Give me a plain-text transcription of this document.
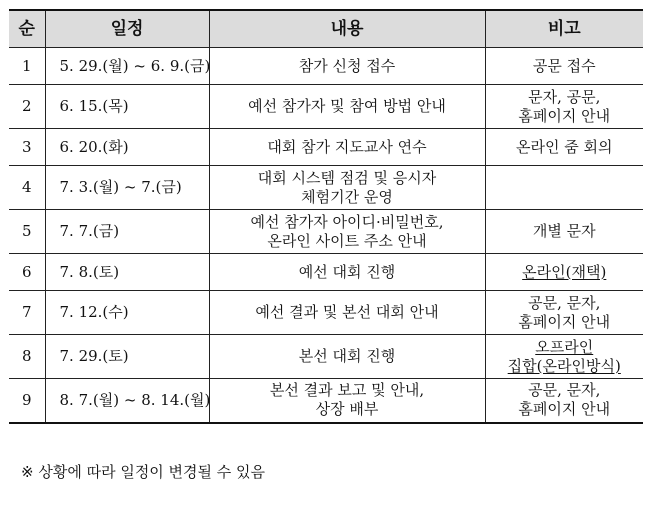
순	일정	내용	비고
1	5. 29.(월) ~ 6. 9.(금)	참가 신청 접수	공문 접수

2	6. 15.(목)	예선 참가자 및 참여 방법 안내	문자, 공문,
홈페이지 안내

3	6. 20.(화)	대회 참가 지도교사 연수	온라인 줌 회의

4	7. 3.(월) ~ 7.(금)	대회 시스템 점검 및 응시자
체험기간 운영	

5	7. 7.(금)	예선 참가자 아이디·비밀번호,
온라인 사이트 주소 안내	개별 문자

6	7. 8.(토)	예선 대회 진행	온라인(재택)

7	7. 12.(수)	예선 결과 및 본선 대회 안내	공문, 문자,
홈페이지 안내

8	7. 29.(토)	본선 대회 진행	오프라인
집합(온라인방식)

9	8. 7.(월) ~ 8. 14.(월)	본선 결과 보고 및 안내,
상장 배부	공문, 문자,
홈페이지 안내
※ 상황에 따라 일정이 변경될 수 있음
